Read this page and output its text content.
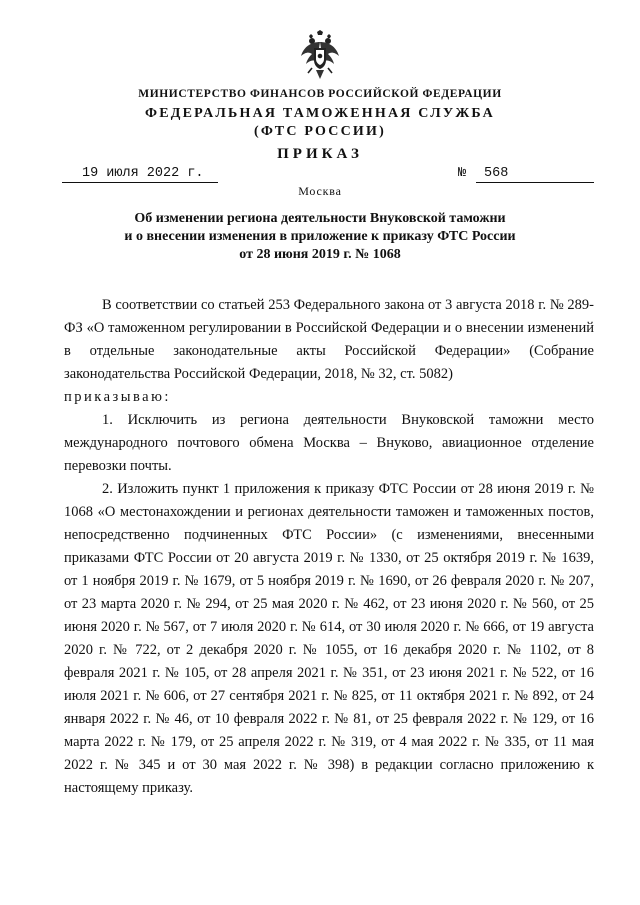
МИНИСТЕРСТВО ФИНАНСОВ РОССИЙСКОЙ ФЕДЕРАЦИИ
ФЕДЕРАЛЬНАЯ ТАМОЖЕННАЯ СЛУЖБА
(ФТС РОССИИ)
ПРИКАЗ
19 июля 2022 г.	№	568
Москва
Об изменении региона деятельности Внуковской таможни
и о внесении изменения в приложение к приказу ФТС России
от 28 июня 2019 г. № 1068

В соответствии со статьей 253 Федерального закона от 3 августа 2018 г. № 289-ФЗ «О таможенном регулировании в Российской Федерации и о внесении изменений в отдельные законодательные акты Российской Федерации» (Собрание законодательства Российской Федерации, 2018, № 32, ст. 5082)

приказываю:

1. Исключить из региона деятельности Внуковской таможни место международного почтового обмена Москва – Внуково, авиационное отделение перевозки почты.

2. Изложить пункт 1 приложения к приказу ФТС России от 28 июня 2019 г. № 1068 «О местонахождении и регионах деятельности таможен и таможенных постов, непосредственно подчиненных ФТС России» (с изменениями, внесенными приказами ФТС России от 20 августа 2019 г. № 1330, от 25 октября 2019 г. № 1639, от 1 ноября 2019 г. № 1679, от 5 ноября 2019 г. № 1690, от 26 февраля 2020 г. № 207, от 23 марта 2020 г. № 294, от 25 мая 2020 г. № 462, от 23 июня 2020 г. № 560, от 25 июня 2020 г. № 567, от 7 июля 2020 г. № 614, от 30 июля 2020 г. № 666, от 19 августа 2020 г. № 722, от 2 декабря 2020 г. № 1055, от 16 декабря 2020 г. № 1102, от 8 февраля 2021 г. № 105, от 28 апреля 2021 г. № 351, от 23 июня 2021 г. № 522, от 16 июля 2021 г. № 606, от 27 сентября 2021 г. № 825, от 11 октября 2021 г. № 892, от 24 января 2022 г. № 46, от 10 февраля 2022 г. № 81, от 25 февраля 2022 г. № 129, от 16 марта 2022 г. № 179, от 25 апреля 2022 г. № 319, от 4 мая 2022 г. № 335, от 11 мая 2022 г. № 345 и от 30 мая 2022 г. № 398) в редакции согласно приложению к настоящему приказу.
